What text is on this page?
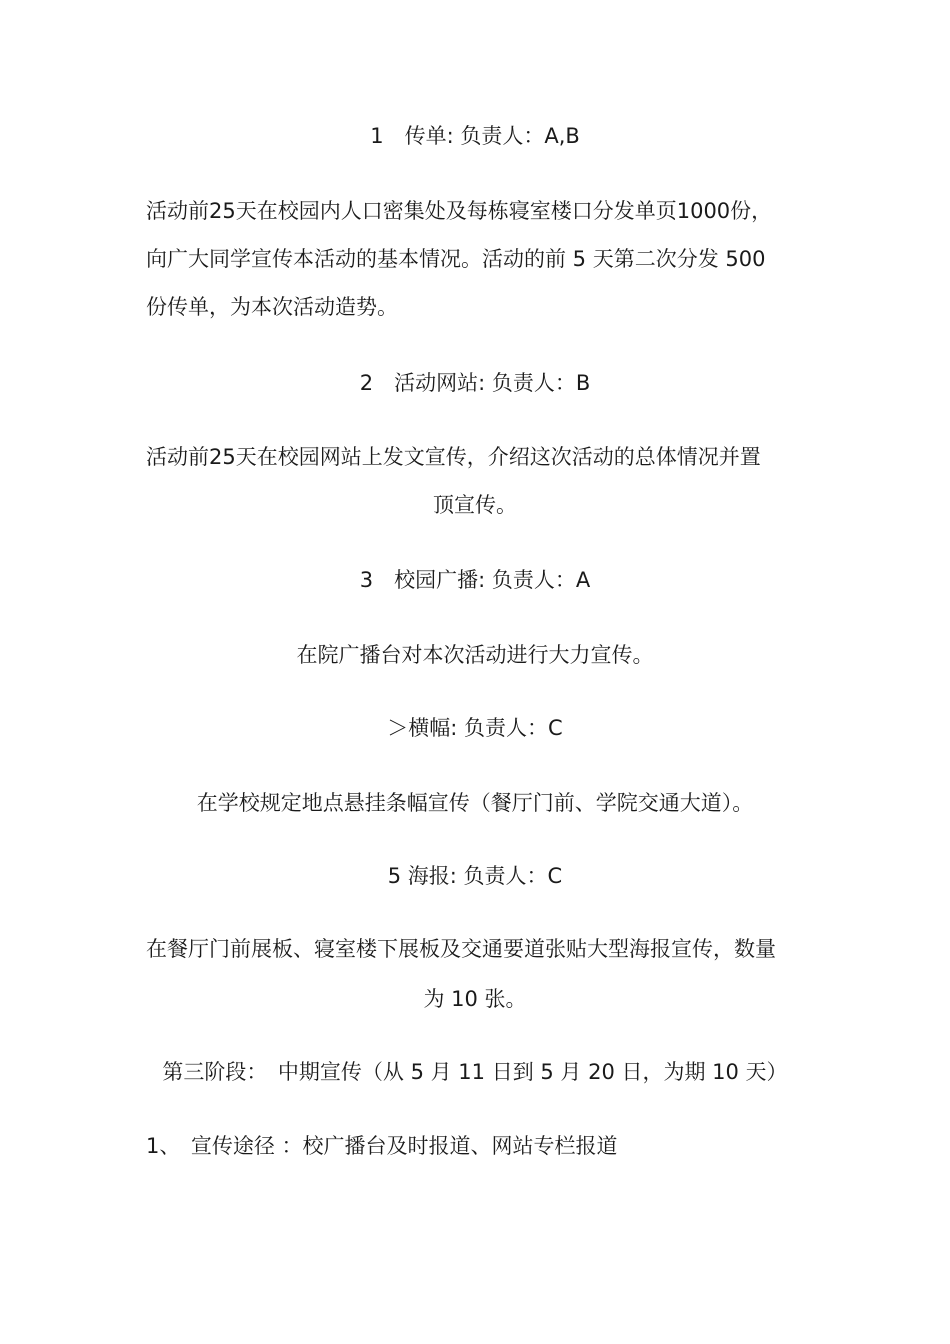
1　传单: 负责人：A,B
活动前25天在校园内人口密集处及每栋寝室楼口分发单页1000份，
向广大同学宣传本活动的基本情况。活动的前 5 天第二次分发 500
份传单，为本次活动造势。
2　活动网站: 负责人：B
活动前25天在校园网站上发文宣传，介绍这次活动的总体情况并置
顶宣传。
3　校园广播: 负责人：A
在院广播台对本次活动进行大力宣传。
＞横幅: 负责人：C
在学校规定地点悬挂条幅宣传（餐厅门前、学院交通大道）。
5 海报: 负责人：C
在餐厅门前展板、寝室楼下展板及交通要道张贴大型海报宣传，数量
为 10 张。
第三阶段：　中期宣传（从 5 月 11 日到 5 月 20 日，为期 10 天）
1、　宣传途径 ：校广播台及时报道、网站专栏报道
